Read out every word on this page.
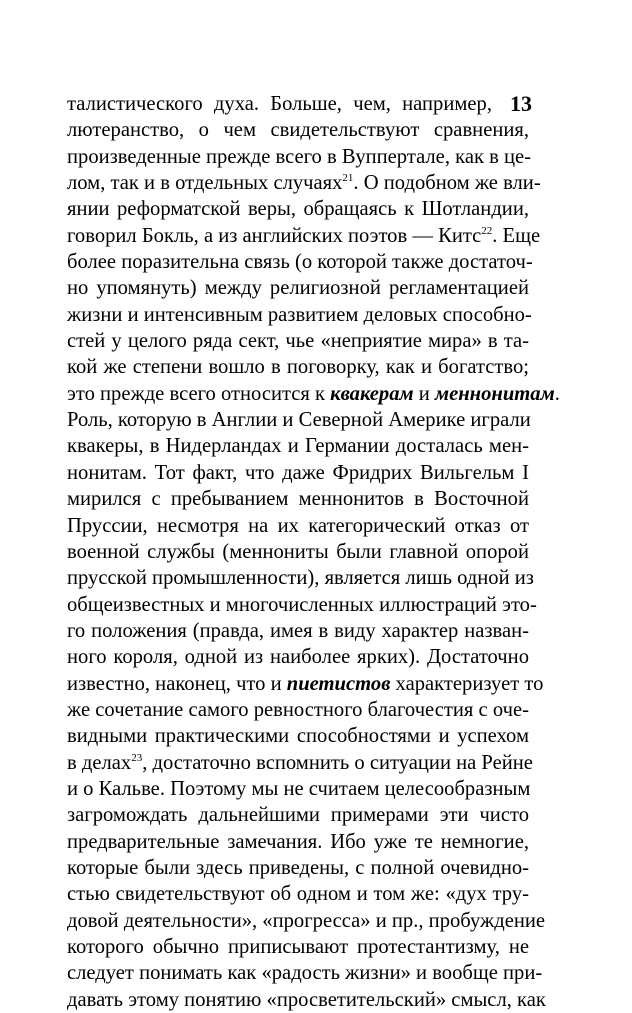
13
талистического духа. Больше, чем, например,
лютеранство, о чем свидетельствуют сравнения,
произведенные прежде всего в Вуппертале, как в це-
лом, так и в отдельных случаях$^{21}$. О подобном же вли-
янии реформатской веры, обращаясь к Шотландии,
говорил Бокль, а из английских поэтов — Китс$^{22}$. Еще
более поразительна связь (о которой также достаточ-
но упомянуть) между религиозной регламентацией
жизни и интенсивным развитием деловых способно-
стей у целого ряда сект, чье «неприятие мира» в та-
кой же степени вошло в поговорку, как и богатство;
это прежде всего относится к квакерам и меннонитам.
Роль, которую в Англии и Северной Америке играли
квакеры, в Нидерландах и Германии досталась мен-
нонитам. Тот факт, что даже Фридрих Вильгельм I
мирился с пребыванием меннонитов в Восточной
Пруссии, несмотря на их категорический отказ от
военной службы (меннониты были главной опорой
прусской промышленности), является лишь одной из
общеизвестных и многочисленных иллюстраций это-
го положения (правда, имея в виду характер назван-
ного короля, одной из наиболее ярких). Достаточно
известно, наконец, что и пиетистов характеризует то
же сочетание самого ревностного благочестия с оче-
видными практическими способностями и успехом
в делах$^{23}$, достаточно вспомнить о ситуации на Рейне
и о Кальве. Поэтому мы не считаем целесообразным
загромождать дальнейшими примерами эти чисто
предварительные замечания. Ибо уже те немногие,
которые были здесь приведены, с полной очевидно-
стью свидетельствуют об одном и том же: «дух тру-
довой деятельности», «прогресса» и пр., пробуждение
которого обычно приписывают протестантизму, не
следует понимать как «радость жизни» и вообще при-
давать этому понятию «просветительский» смысл, как
